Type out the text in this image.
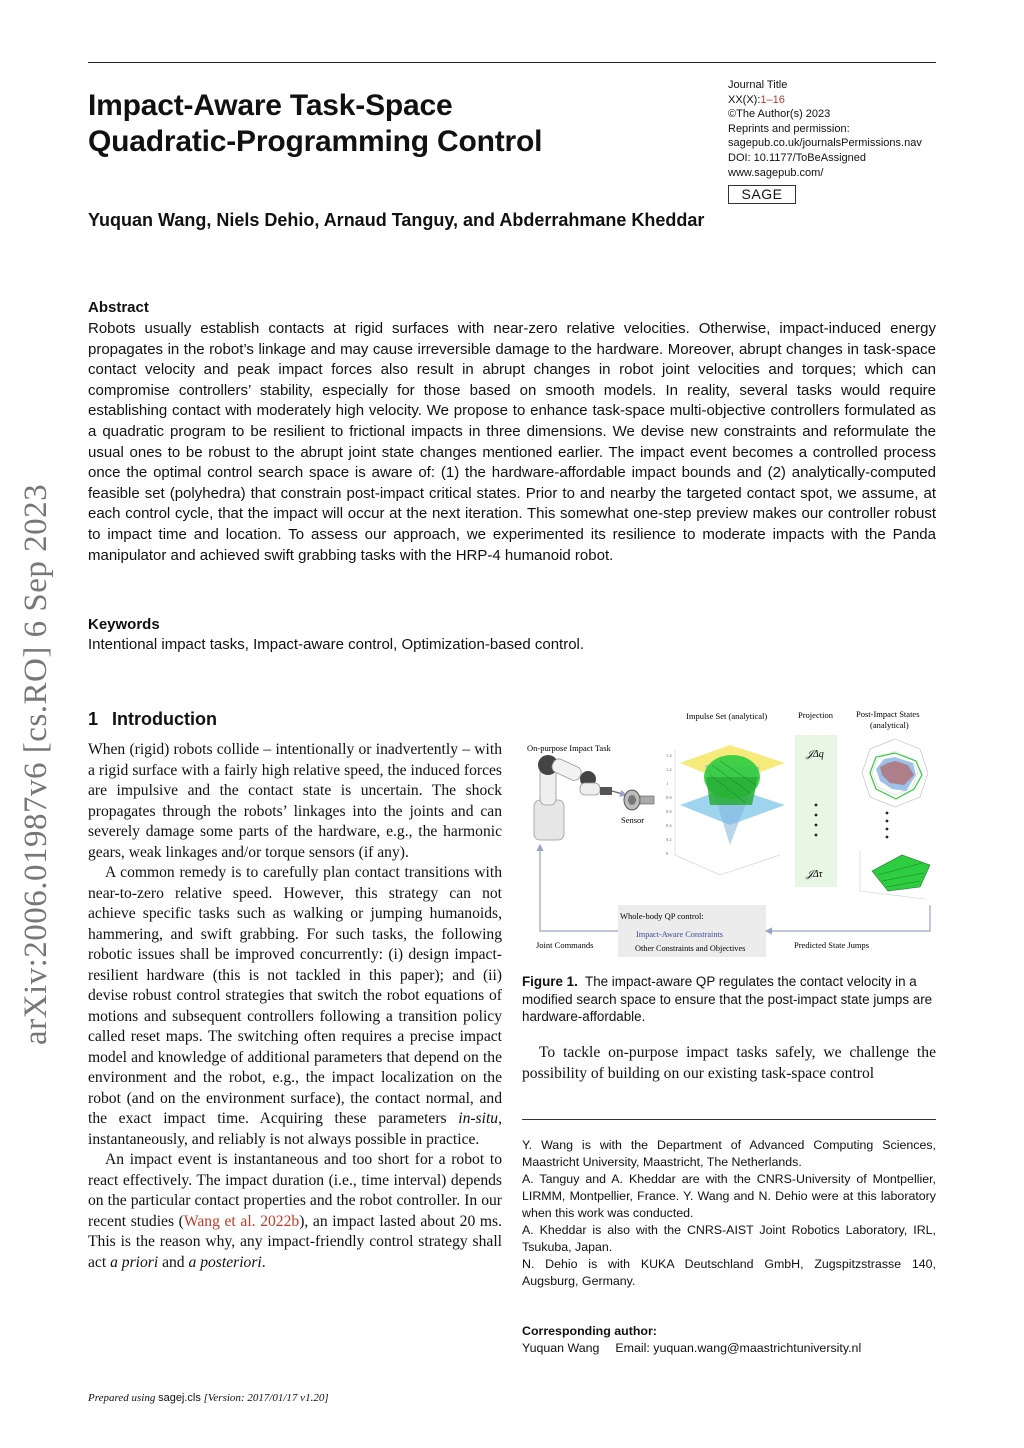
Impact-Aware Task-Space
Quadratic-Programming Control
Journal Title
XX(X):1–16
©The Author(s) 2023
Reprints and permission:
sagepub.co.uk/journalsPermissions.nav
DOI: 10.1177/ToBeAssigned
www.sagepub.com/
SAGE
Yuquan Wang, Niels Dehio, Arnaud Tanguy, and Abderrahmane Kheddar
Abstract
Robots usually establish contacts at rigid surfaces with near-zero relative velocities. Otherwise, impact-induced energy propagates in the robot’s linkage and may cause irreversible damage to the hardware. Moreover, abrupt changes in task-space contact velocity and peak impact forces also result in abrupt changes in robot joint velocities and torques; which can compromise controllers’ stability, especially for those based on smooth models. In reality, several tasks would require establishing contact with moderately high velocity. We propose to enhance task-space multi-objective controllers formulated as a quadratic program to be resilient to frictional impacts in three dimensions. We devise new constraints and reformulate the usual ones to be robust to the abrupt joint state changes mentioned earlier. The impact event becomes a controlled process once the optimal control search space is aware of: (1) the hardware-affordable impact bounds and (2) analytically-computed feasible set (polyhedra) that constrain post-impact critical states. Prior to and nearby the targeted contact spot, we assume, at each control cycle, that the impact will occur at the next iteration. This somewhat one-step preview makes our controller robust to impact time and location. To assess our approach, we experimented its resilience to moderate impacts with the Panda manipulator and achieved swift grabbing tasks with the HRP-4 humanoid robot.
Keywords
Intentional impact tasks, Impact-aware control, Optimization-based control.
arXiv:2006.01987v6 [cs.RO] 6 Sep 2023 1 Introduction

When (rigid) robots collide – intentionally or inadvertently – with a rigid surface with a fairly high relative speed, the induced forces are impulsive and the contact state is uncertain. The shock propagates through the robots’ linkages into the joints and can severely damage some parts of the hardware, e.g., the harmonic gears, weak linkages and/or torque sensors (if any).

A common remedy is to carefully plan contact transitions with near-to-zero relative speed. However, this strategy can not achieve specific tasks such as walking or jumping humanoids, hammering, and swift grabbing. For such tasks, the following robotic issues shall be improved concurrently: (i) design impact-resilient hardware (this is not tackled in this paper); and (ii) devise robust control strategies that switch the robot equations of motions and subsequent controllers following a transition policy called reset maps. The switching often requires a precise impact model and knowledge of additional parameters that depend on the environment and the robot, e.g., the impact localization on the robot (and on the environment surface), the contact normal, and the exact impact time. Acquiring these parameters in-situ, instantaneously, and reliably is not always possible in practice.

An impact event is instantaneous and too short for a robot to react effectively. The impact duration (i.e., time interval) depends on the particular contact properties and the robot controller. In our recent studies (Wang et al. 2022b), an impact lasted about 20 ms. This is the reason why, any impact-friendly control strategy shall act a priori and a posteriori.

Impulse Set (analytical)	Projection	Post-Impact States
(analytical)
On-purpose Impact Task
Sensor
1.4
1.2
1
0.8
0.6
0.4
0.2
0
𝒥Δq
𝒥Δτ
Whole-body QP control:
Impact-Aware Constraints
Other Constraints and Objectives
Joint Commands	Predicted State Jumps
Figure 1. The impact-aware QP regulates the contact velocity in a modified search space to ensure that the post-impact state jumps are hardware-affordable.
To tackle on-purpose impact tasks safely, we challenge the possibility of building on our existing task-space control
Y. Wang is with the Department of Advanced Computing Sciences, Maastricht University, Maastricht, The Netherlands.
A. Tanguy and A. Kheddar are with the CNRS-University of Montpellier, LIRMM, Montpellier, France. Y. Wang and N. Dehio were at this laboratory when this work was conducted.
A. Kheddar is also with the CNRS-AIST Joint Robotics Laboratory, IRL, Tsukuba, Japan.
N. Dehio is with KUKA Deutschland GmbH, Zugspitzstrasse 140, Augsburg, Germany.
Corresponding author:
Yuquan Wang Email: yuquan.wang@maastrichtuniversity.nl
Prepared using sagej.cls [Version: 2017/01/17 v1.20]
